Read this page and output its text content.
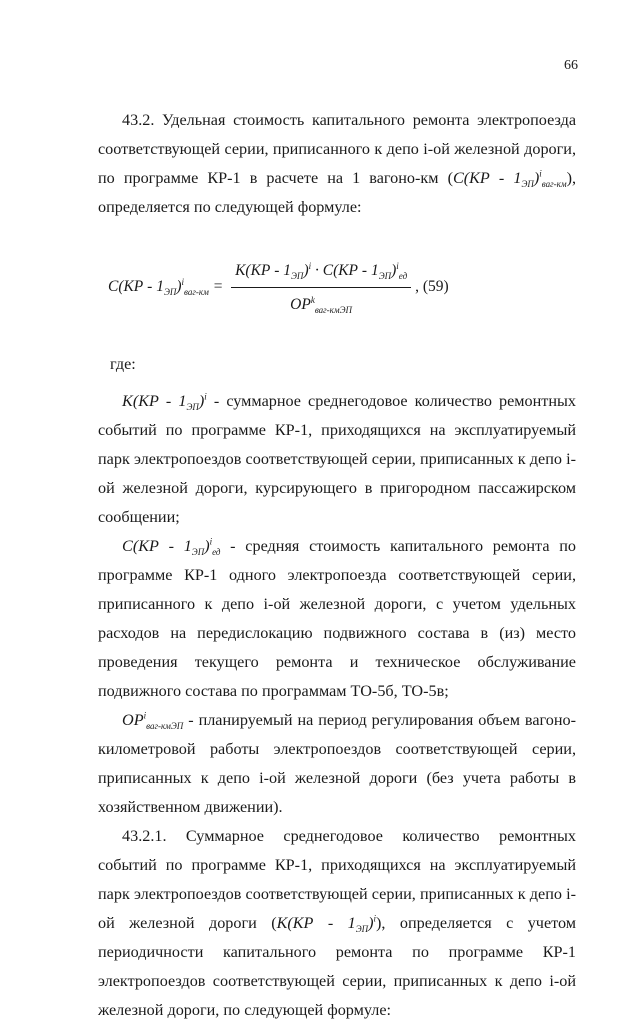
66

43.2. Удельная стоимость капитального ремонта электропоезда соответствующей серии, приписанного к депо i-ой железной дороги, по программе КР-1 в расчете на 1 вагоно-км $(C(КР - 1_{ЭП})^i_{ваг-км})$, определяется по следующей формуле:

$C(КР - 1_{ЭП})^i_{ваг-км} = \frac{K(КР - 1_{ЭП})^i \cdot C(КР - 1_{ЭП})^i_{ед}}{OP^k_{ваг-кмЭП}}$ , (59)

где:

$K(КР - 1_{ЭП})^i$ - суммарное среднегодовое количество ремонтных событий по программе КР-1, приходящихся на эксплуатируемый парк электропоездов соответствующей серии, приписанных к депо i-ой железной дороги, курсирующего в пригородном пассажирском сообщении;

$C(КР - 1_{ЭП})^i_{ед}$ - средняя стоимость капитального ремонта по программе КР-1 одного электропоезда соответствующей серии, приписанного к депо i-ой железной дороги, с учетом удельных расходов на передислокацию подвижного состава в (из) место проведения текущего ремонта и техническое обслуживание подвижного состава по программам ТО-5б, ТО-5в;

$OP^i_{ваг-кмЭП}$ - планируемый на период регулирования объем вагоно-километровой работы электропоездов соответствующей серии, приписанных к депо i-ой железной дороги (без учета работы в хозяйственном движении).

43.2.1. Суммарное среднегодовое количество ремонтных событий по программе КР-1, приходящихся на эксплуатируемый парк электропоездов соответствующей серии, приписанных к депо i-ой железной дороги $(K(КР - 1_{ЭП})^i)$, определяется с учетом периодичности капитального ремонта по программе КР-1 электропоездов соответствующей серии, приписанных к депо i-ой железной дороги, по следующей формуле:
